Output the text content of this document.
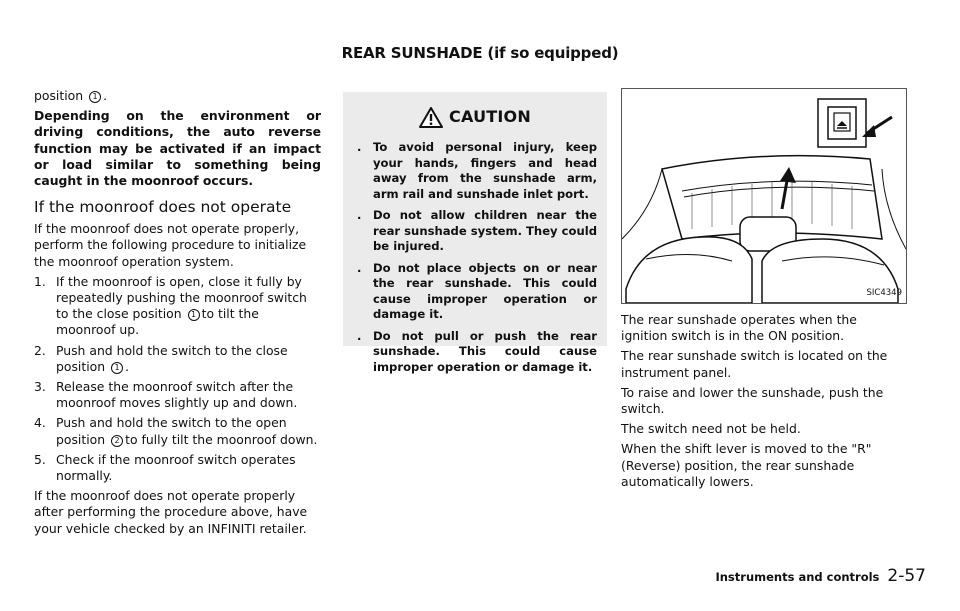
REAR SUNSHADE (if so equipped)

position 1 .

Depending on the environment or driving conditions, the auto reverse function may be activated if an impact or load similar to something being caught in the moonroof occurs.

If the moonroof does not operate

If the moonroof does not operate properly, perform the following procedure to initialize the moonroof operation system.

1. If the moonroof is open, close it fully by repeatedly pushing the moonroof switch to the close position 1 to tilt the moonroof up.
2. Push and hold the switch to the close position 1 .
3. Release the moonroof switch after the moonroof moves slightly up and down.
4. Push and hold the switch to the open position 2 to fully tilt the moonroof down.
5. Check if the moonroof switch operates normally.

If the moonroof does not operate properly after performing the procedure above, have your vehicle checked by an INFINITI retailer.

CAUTION
. To avoid personal injury, keep your hands, fingers and head away from the sunshade arm, arm rail and sunshade inlet port.
. Do not allow children near the rear sunshade system. They could be injured.
. Do not place objects on or near the rear sunshade. This could cause improper operation or damage it.
. Do not pull or push the rear sunshade. This could cause improper operation or damage it.
SIC4349

The rear sunshade operates when the ignition switch is in the ON position.

The rear sunshade switch is located on the instrument panel.

To raise and lower the sunshade, push the switch.

The switch need not be held.

When the shift lever is moved to the "R" (Reverse) position, the rear sunshade automatically lowers.

Instruments and controls 2-57
